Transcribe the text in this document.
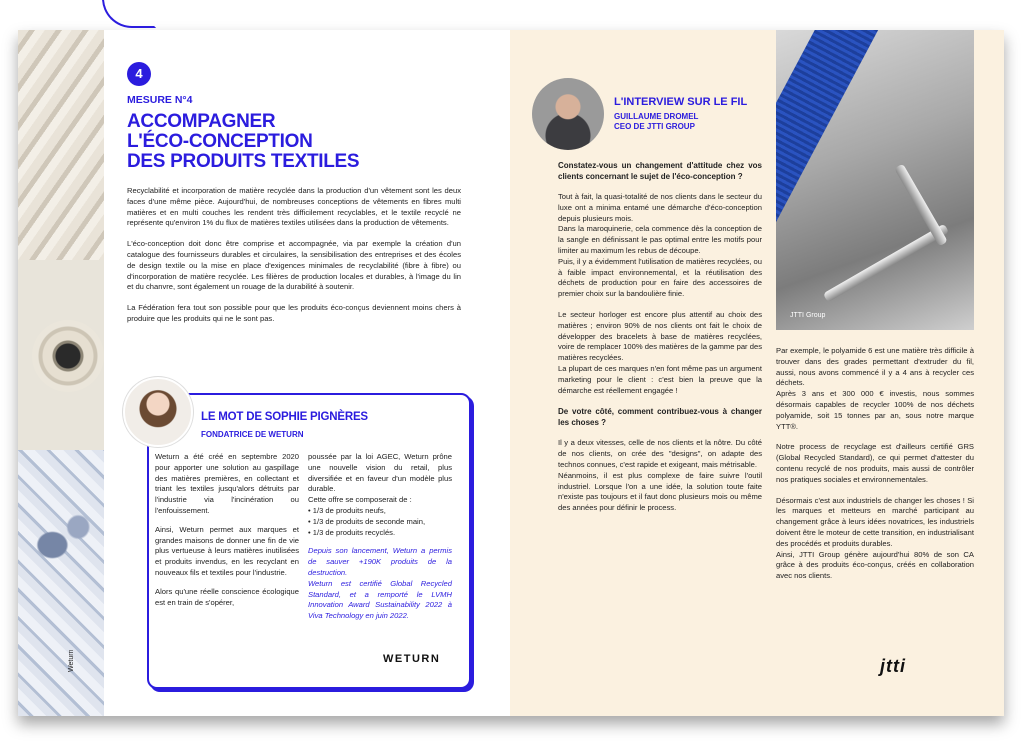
Weturn
4
MESURE N°4
ACCOMPAGNER
L'ÉCO-CONCEPTION
DES PRODUITS TEXTILES

Recyclabilité et incorporation de matière recyclée dans la production d'un vêtement sont les deux faces d'une même pièce. Aujourd'hui, de nombreuses conceptions de vêtements en fibres multi matières et en multi couches les rendent très difficilement recyclables, et le textile recyclé ne représente qu'environ 1% du flux de matières textiles utilisées dans la production de vêtements.

L'éco-conception doit donc être comprise et accompagnée, via par exemple la création d'un catalogue des fournisseurs durables et circulaires, la sensibilisation des entreprises et des écoles de design textile ou la mise en place d'exigences minimales de recyclabilité (fibre à fibre) ou d'incorporation de matière recyclée. Les filières de production locales et durables, à l'image du lin et du chanvre, sont également un rouage de la durabilité à soutenir.

La Fédération fera tout son possible pour que les produits éco-conçus deviennent moins chers à produire que les produits qui ne le sont pas.

LE MOT DE SOPHIE PIGNÈRES
FONDATRICE DE WETURN

Weturn a été créé en septembre 2020 pour apporter une solution au gaspillage des matières premières, en collectant et triant les textiles jusqu'alors détruits par l'industrie via l'incinération ou l'enfouissement.

Ainsi, Weturn permet aux marques et grandes maisons de donner une fin de vie plus vertueuse à leurs matières inutilisées et produits invendus, en les recyclant en nouveaux fils et textiles pour l'industrie.

Alors qu'une réelle conscience écologique est en train de s'opérer,

poussée par la loi AGEC, Weturn prône une nouvelle vision du retail, plus diversifiée et en faveur d'un modèle plus durable.

Cette offre se composerait de :
• 1/3 de produits neufs,
• 1/3 de produits de seconde main,
• 1/3 de produits recyclés.
Depuis son lancement, Weturn a permis de sauver +190K produits de la destruction.
Weturn est certifié Global Recycled Standard, et a remporté le LVMH Innovation Award Sustainability 2022 à Viva Technology en juin 2022.
WETURN
L'INTERVIEW SUR LE FIL
GUILLAUME DROMEL
CEO DE JTTI GROUP

Constatez-vous un changement d'attitude chez vos clients concernant le sujet de l'éco-conception ?

Tout à fait, la quasi-totalité de nos clients dans le secteur du luxe ont a minima entamé une démarche d'éco-conception depuis plusieurs mois.
Dans la maroquinerie, cela commence dès la conception de la sangle en définissant le pas optimal entre les motifs pour limiter au maximum les rebus de découpe.

Puis, il y a évidemment l'utilisation de matières recyclées, ou à faible impact environnemental, et la réutilisation des déchets de production pour en faire des accessoires de premier choix sur la bandoulière finie.

Le secteur horloger est encore plus attentif au choix des matières ; environ 90% de nos clients ont fait le choix de développer des bracelets à base de matières recyclées, voire de remplacer 100% des matières de la gamme par des matières recyclées.

La plupart de ces marques n'en font même pas un argument marketing pour le client : c'est bien la preuve que la démarche est réellement engagée !

De votre côté, comment contribuez-vous à changer les choses ?

Il y a deux vitesses, celle de nos clients et la nôtre. Du côté de nos clients, on crée des "designs", on adapte des technos connues, c'est rapide et exigeant, mais métrisable.
Néanmoins, il est plus complexe de faire suivre l'outil industriel. Lorsque l'on a une idée, la solution toute faite n'existe pas toujours et il faut donc plusieurs mois ou même des années pour définir le process.
JTTI Group
Par exemple, le polyamide 6 est une matière très difficile à trouver dans des grades permettant d'extruder du fil, aussi, nous avons commencé il y a 4 ans à recycler ces déchets.

Après 3 ans et 300 000 € investis, nous sommes désormais capables de recycler 100% de nos déchets polyamide, soit 15 tonnes par an, sous notre marque YTT®.

Notre process de recyclage est d'ailleurs certifié GRS (Global Recycled Standard), ce qui permet d'attester du contenu recyclé de nos produits, mais aussi de contrôler nos pratiques sociales et environnementales.

Désormais c'est aux industriels de changer les choses ! Si les marques et metteurs en marché participant au changement grâce à leurs idées novatrices, les industriels doivent être le moteur de cette transition, en industrialisant des procédés et produits durables.
Ainsi, JTTI Group génère aujourd'hui 80% de son CA grâce à des produits éco-conçus, créés en collaboration avec nos clients.
jtti
